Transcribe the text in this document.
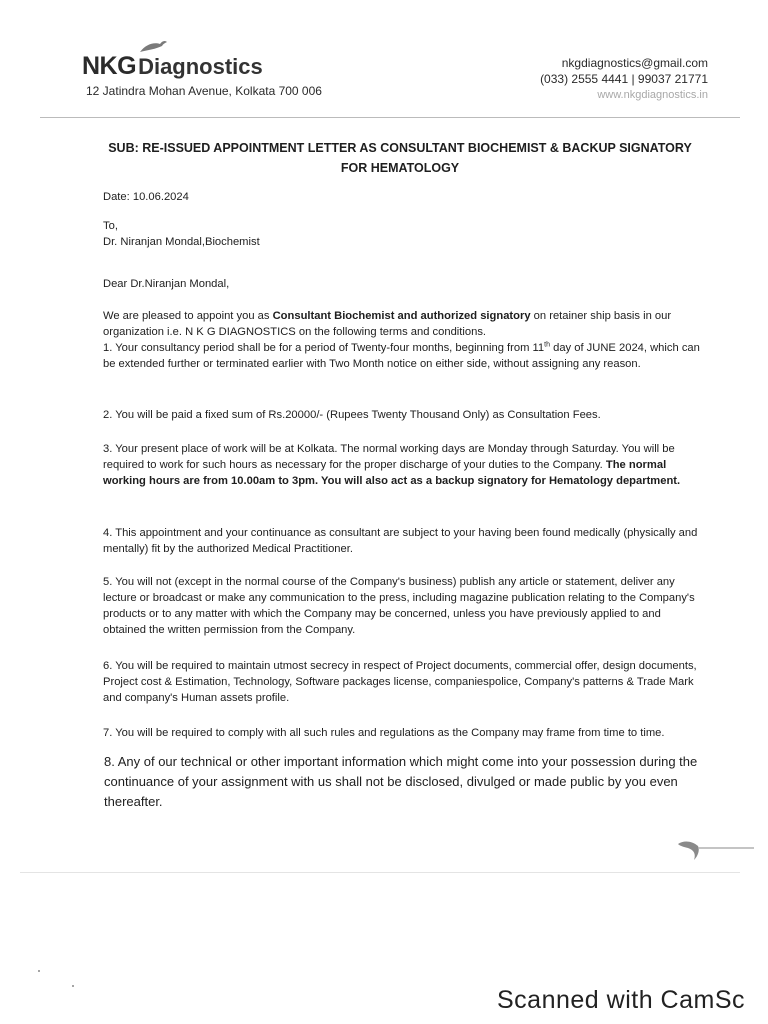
NKGDiagnostics
12 Jatindra Mohan Avenue, Kolkata 700 006
nkgdiagnostics@gmail.com
(033) 2555 4441 | 99037 21771
www.nkgdiagnostics.in
SUB: RE-ISSUED APPOINTMENT LETTER AS CONSULTANT BIOCHEMIST & BACKUP SIGNATORY
FOR HEMATOLOGY
Date: 10.06.2024
To,
Dr. Niranjan Mondal,Biochemist
Dear Dr.Niranjan Mondal,
We are pleased to appoint you as Consultant Biochemist and authorized signatory on retainer ship basis in our organization i.e. N K G DIAGNOSTICS on the following terms and conditions.
1. Your consultancy period shall be for a period of Twenty-four months, beginning from 11th day of JUNE 2024, which can be extended further or terminated earlier with Two Month notice on either side, without assigning any reason.
2. You will be paid a fixed sum of Rs.20000/- (Rupees Twenty Thousand Only) as Consultation Fees.
3. Your present place of work will be at Kolkata. The normal working days are Monday through Saturday. You will be required to work for such hours as necessary for the proper discharge of your duties to the Company. The normal working hours are from 10.00am to 3pm. You will also act as a backup signatory for Hematology department.
4. This appointment and your continuance as consultant are subject to your having been found medically (physically and mentally) fit by the authorized Medical Practitioner.
5. You will not (except in the normal course of the Company's business) publish any article or statement, deliver any lecture or broadcast or make any communication to the press, including magazine publication relating to the Company's products or to any matter with which the Company may be concerned, unless you have previously applied to and obtained the written permission from the Company.
6. You will be required to maintain utmost secrecy in respect of Project documents, commercial offer, design documents, Project cost & Estimation, Technology, Software packages license, companiespolice, Company's patterns & Trade Mark and company's Human assets profile.
7. You will be required to comply with all such rules and regulations as the Company may frame from time to time.
8. Any of our technical or other important information which might come into your possession during the continuance of your assignment with us shall not be disclosed, divulged or made public by you even thereafter.
Scanned with CamSc
